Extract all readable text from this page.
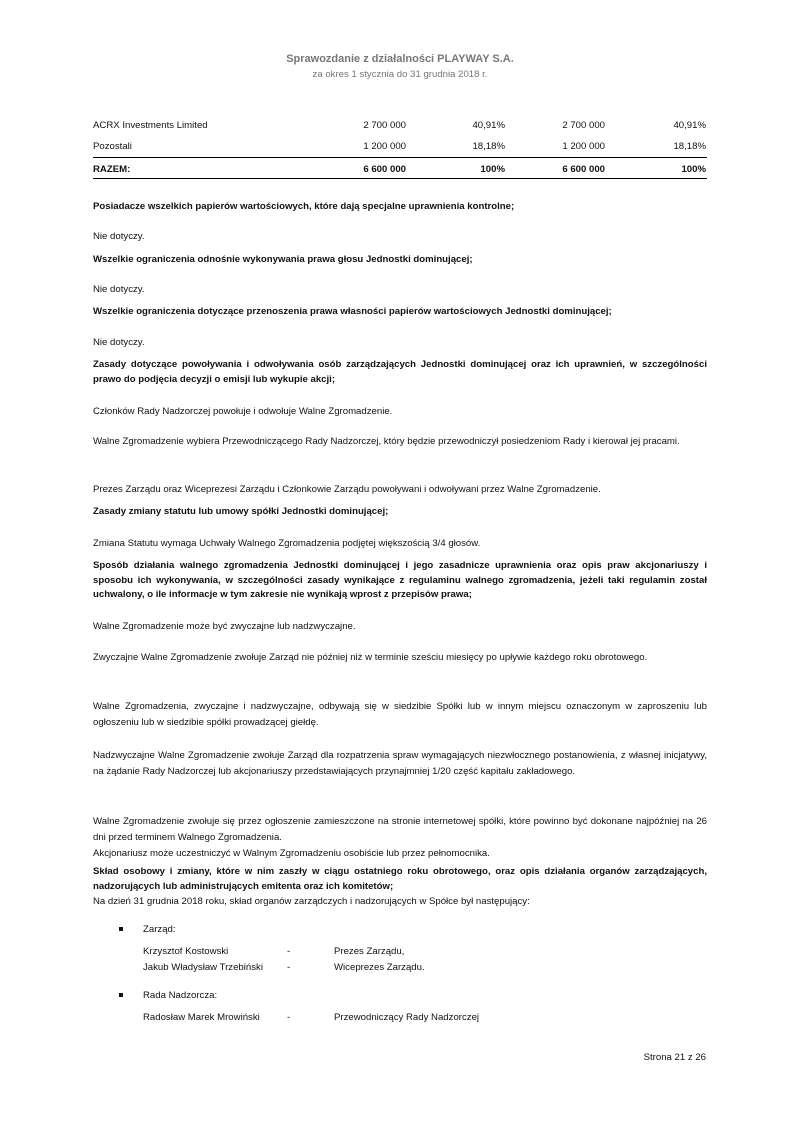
Sprawozdanie z działalności PLAYWAY S.A.
za okres 1 stycznia do 31 grudnia 2018 r.
ACRX Investments Limited	2 700 000	40,91%	2 700 000	40,91%
Pozostali	1 200 000	18,18%	1 200 000	18,18%
RAZEM:	6 600 000	100%	6 600 000	100%
Posiadacze wszelkich papierów wartościowych, które dają specjalne uprawnienia kontrolne;
Nie dotyczy.
Wszelkie ograniczenia odnośnie wykonywania prawa głosu Jednostki dominującej;
Nie dotyczy.
Wszelkie ograniczenia dotyczące przenoszenia prawa własności papierów wartościowych Jednostki dominującej;
Nie dotyczy.
Zasady dotyczące powoływania i odwoływania osób zarządzających Jednostki dominującej oraz ich uprawnień, w szczególności prawo do podjęcia decyzji o emisji lub wykupie akcji;
Członków Rady Nadzorczej powołuje i odwołuje Walne Zgromadzenie.
Walne Zgromadzenie wybiera Przewodniczącego Rady Nadzorczej, który będzie przewodniczył posiedzeniom Rady i kierował jej pracami.
Prezes Zarządu oraz Wiceprezesi Zarządu i Członkowie Zarządu powoływani i odwoływani przez Walne Zgromadzenie.
Zasady zmiany statutu lub umowy spółki Jednostki dominującej;
Zmiana Statutu wymaga Uchwały Walnego Zgromadzenia podjętej większością 3/4 głosów.
Sposób działania walnego zgromadzenia Jednostki dominującej i jego zasadnicze uprawnienia oraz opis praw akcjonariuszy i sposobu ich wykonywania, w szczególności zasady wynikające z regulaminu walnego zgromadzenia, jeżeli taki regulamin został uchwalony, o ile informacje w tym zakresie nie wynikają wprost z przepisów prawa;
Walne Zgromadzenie może być zwyczajne lub nadzwyczajne.
Zwyczajne Walne Zgromadzenie zwołuje Zarząd nie później niż w terminie sześciu miesięcy po upływie każdego roku obrotowego.
Walne Zgromadzenia, zwyczajne i nadzwyczajne, odbywają się w siedzibie Spółki lub w innym miejscu oznaczonym w zaproszeniu lub ogłoszeniu lub w siedzibie spółki prowadzącej giełdę.
Nadzwyczajne Walne Zgromadzenie zwołuje Zarząd dla rozpatrzenia spraw wymagających niezwłocznego postanowienia, z własnej inicjatywy, na żądanie Rady Nadzorczej lub akcjonariuszy przedstawiających przynajmniej 1/20 część kapitału zakładowego.
Walne Zgromadzenie zwołuje się przez ogłoszenie zamieszczone na stronie internetowej spółki, które powinno być dokonane najpóźniej na 26 dni przed terminem Walnego Zgromadzenia.
Akcjonariusz może uczestniczyć w Walnym Zgromadzeniu osobiście lub przez pełnomocnika.
Skład osobowy i zmiany, które w nim zaszły w ciągu ostatniego roku obrotowego, oraz opis działania organów zarządzających, nadzorujących lub administrujących emitenta oraz ich komitetów;
Na dzień 31 grudnia 2018 roku, skład organów zarządczych i nadzorujących w Spółce był następujący:
Zarząd:
Krzysztof Kostowski	-	Prezes Zarządu,
Jakub Władysław Trzebiński	-	Wiceprezes Zarządu.
Rada Nadzorcza:
Radosław Marek Mrowiński	-	Przewodniczący Rady Nadzorczej
Strona 21 z 26
